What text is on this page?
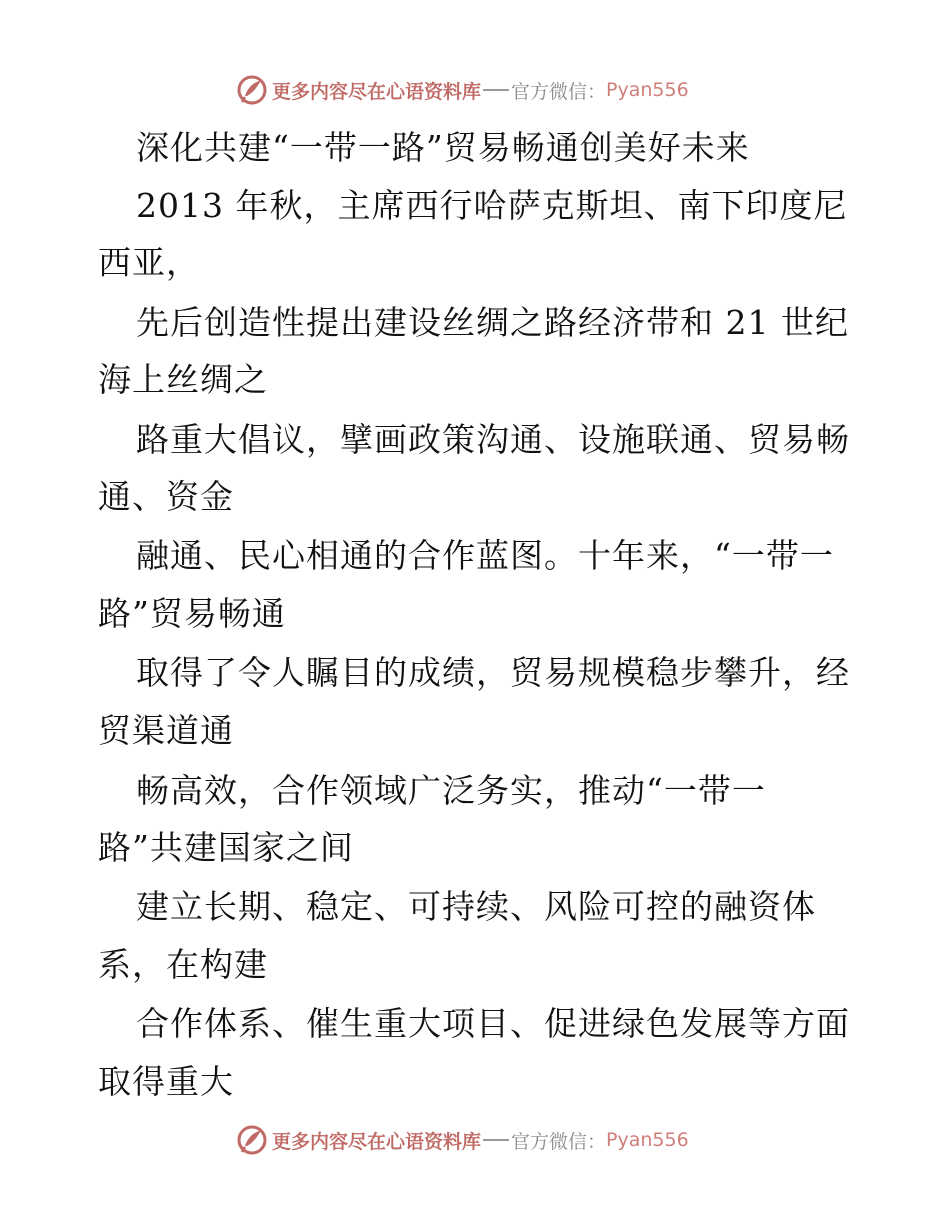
更多内容尽在心语资料库 官方微信： Pyan556
深化共建“一带一路”贸易畅通创美好未来
2013 年秋，主席西行哈萨克斯坦、南下印度尼
西亚，
先后创造性提出建设丝绸之路经济带和 21 世纪
海上丝绸之
路重大倡议，擘画政策沟通、设施联通、贸易畅
通、资金
融通、民心相通的合作蓝图。十年来，“一带一
路”贸易畅通
取得了令人瞩目的成绩，贸易规模稳步攀升，经
贸渠道通
畅高效，合作领域广泛务实，推动“一带一
路”共建国家之间
建立长期、稳定、可持续、风险可控的融资体
系，在构建
合作体系、催生重大项目、促进绿色发展等方面
取得重大
更多内容尽在心语资料库 官方微信： Pyan556
